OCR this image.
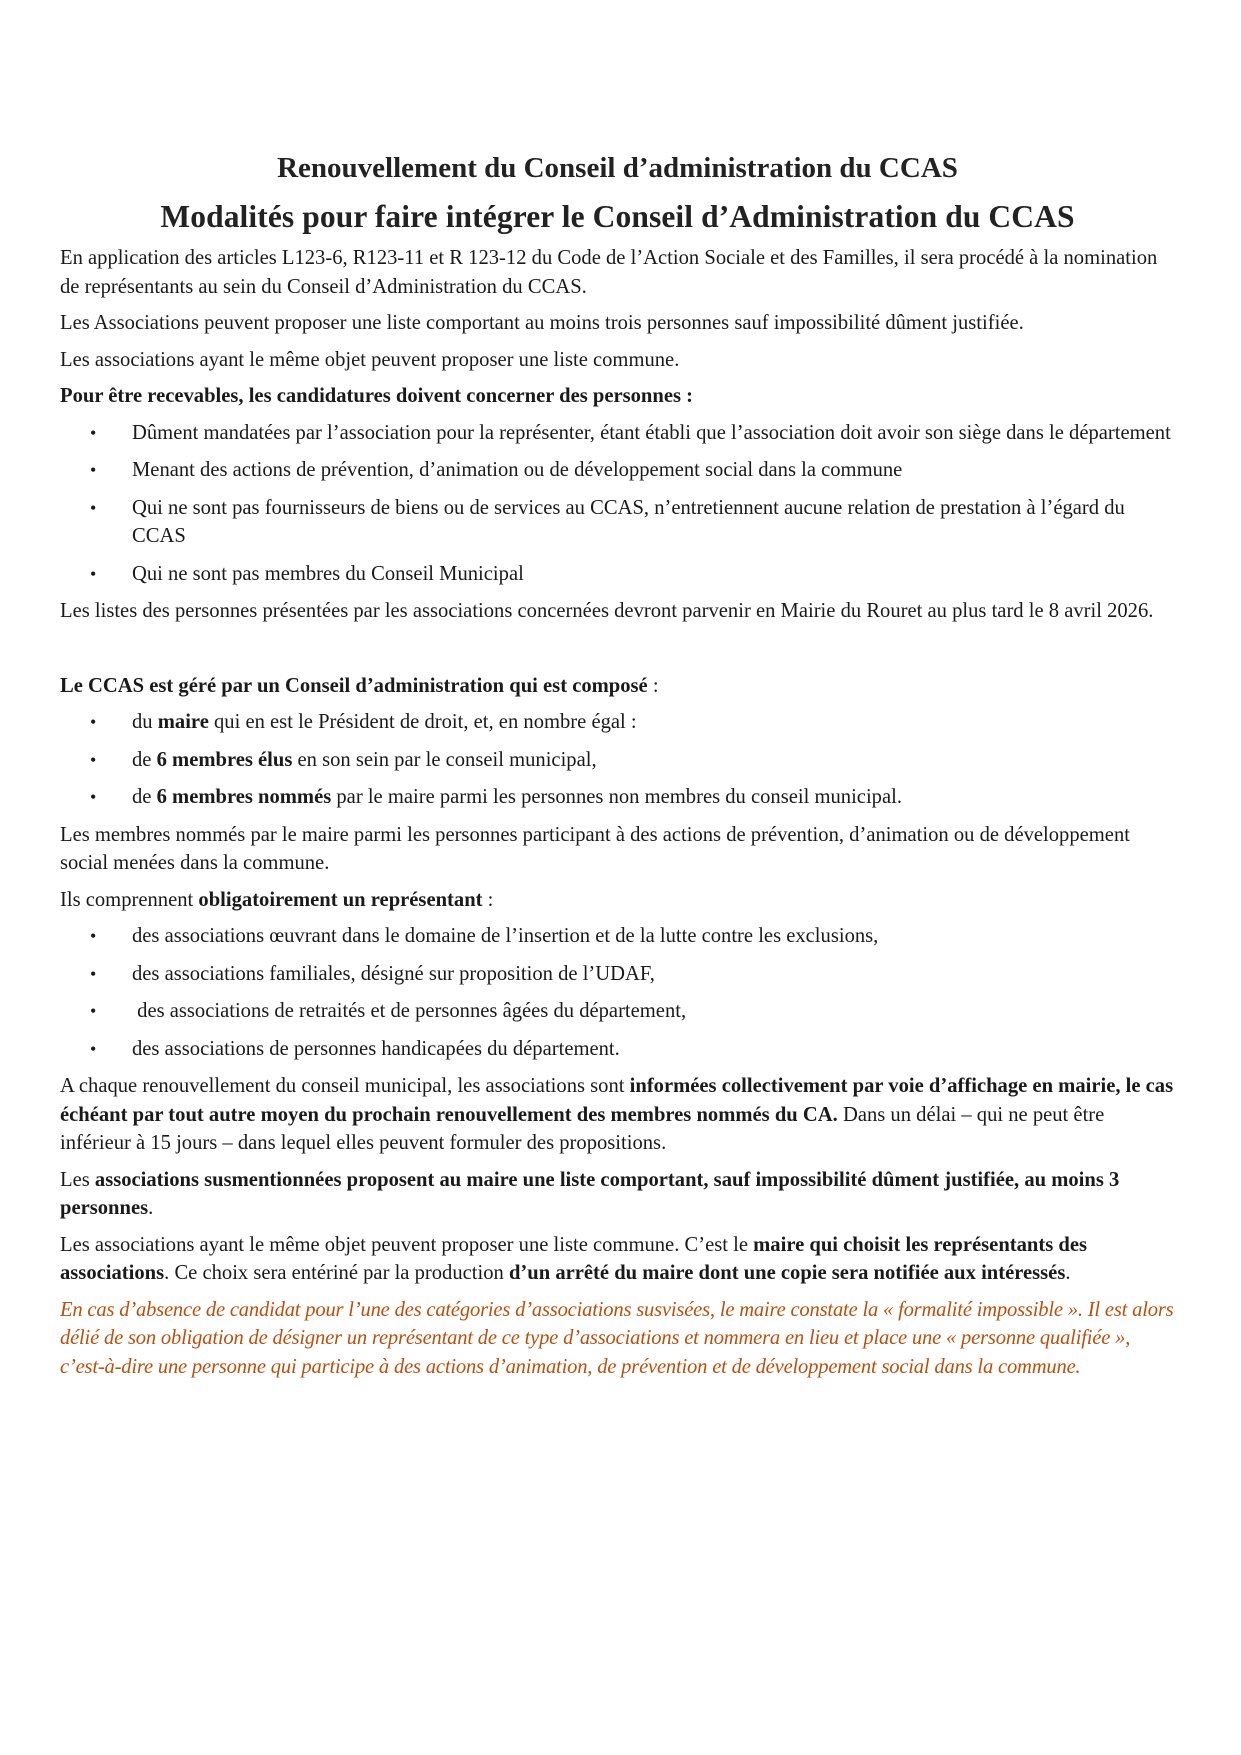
Renouvellement du Conseil d’administration du CCAS
Modalités pour faire intégrer le Conseil d’Administration du CCAS

En application des articles L123-6, R123-11 et R 123-12 du Code de l’Action Sociale et des Familles, il sera procédé à la nomination de représentants au sein du Conseil d’Administration du CCAS.

Les Associations peuvent proposer une liste comportant au moins trois personnes sauf impossibilité dûment justifiée.

Les associations ayant le même objet peuvent proposer une liste commune.

Pour être recevables, les candidatures doivent concerner des personnes :

• Dûment mandatées par l’association pour la représenter, étant établi que l’association doit avoir son siège dans le département
• Menant des actions de prévention, d’animation ou de développement social dans la commune
• Qui ne sont pas fournisseurs de biens ou de services au CCAS, n’entretiennent aucune relation de prestation à l’égard du CCAS
• Qui ne sont pas membres du Conseil Municipal

Les listes des personnes présentées par les associations concernées devront parvenir en Mairie du Rouret au plus tard le 8 avril 2026.

Le CCAS est géré par un Conseil d’administration qui est composé :

• du maire qui en est le Président de droit, et, en nombre égal :
• de 6 membres élus en son sein par le conseil municipal,
• de 6 membres nommés par le maire parmi les personnes non membres du conseil municipal.

Les membres nommés par le maire parmi les personnes participant à des actions de prévention, d’animation ou de développement social menées dans la commune.

Ils comprennent obligatoirement un représentant :

• des associations œuvrant dans le domaine de l’insertion et de la lutte contre les exclusions,
• des associations familiales, désigné sur proposition de l’UDAF,
•  des associations de retraités et de personnes âgées du département,
• des associations de personnes handicapées du département.

A chaque renouvellement du conseil municipal, les associations sont informées collectivement par voie d’affichage en mairie, le cas échéant par tout autre moyen du prochain renouvellement des membres nommés du CA. Dans un délai – qui ne peut être inférieur à 15 jours – dans lequel elles peuvent formuler des propositions.

Les associations susmentionnées proposent au maire une liste comportant, sauf impossibilité dûment justifiée, au moins 3 personnes.

Les associations ayant le même objet peuvent proposer une liste commune. C’est le maire qui choisit les représentants des associations. Ce choix sera entériné par la production d’un arrêté du maire dont une copie sera notifiée aux intéressés.

En cas d’absence de candidat pour l’une des catégories d’associations susvisées, le maire constate la « formalité impossible ». Il est alors délié de son obligation de désigner un représentant de ce type d’associations et nommera en lieu et place une « personne qualifiée », c’est-à-dire une personne qui participe à des actions d’animation, de prévention et de développement social dans la commune.
